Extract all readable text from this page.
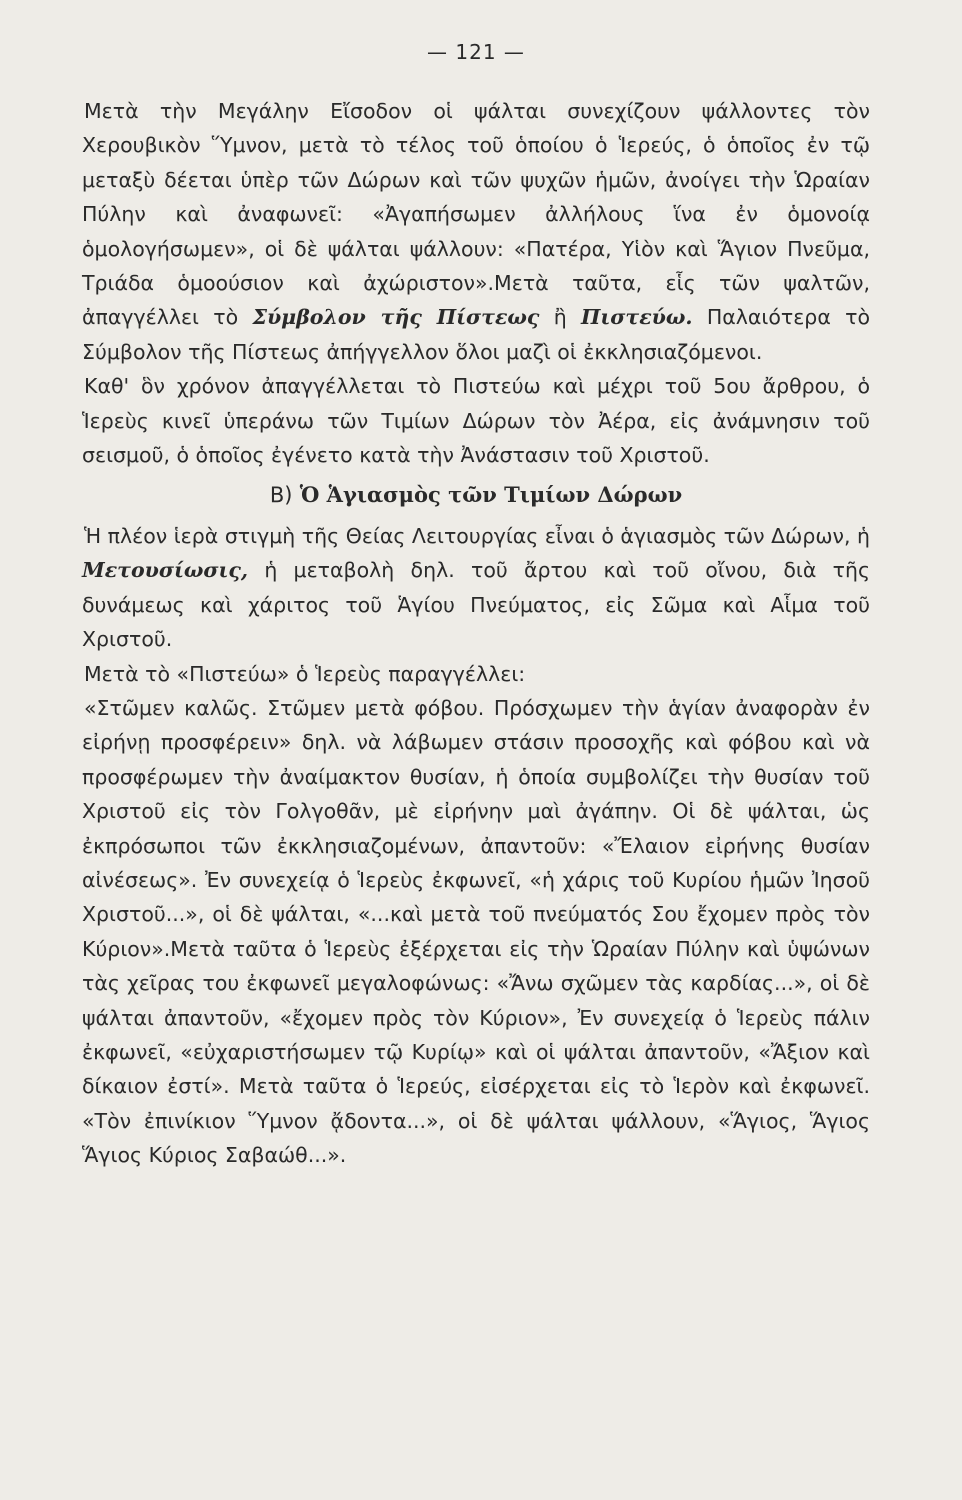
— 121 —

Μετὰ τὴν Μεγάλην Εἴσοδον οἱ ψάλται συνεχίζουν ψάλλοντες τὸν Χερουβικὸν Ὕμνον, μετὰ τὸ τέλος τοῦ ὁποίου ὁ Ἱερεύς, ὁ ὁποῖος ἐν τῷ μεταξὺ δέεται ὑπὲρ τῶν Δώρων καὶ τῶν ψυχῶν ἡμῶν, ἀνοίγει τὴν Ὡραίαν Πύλην καὶ ἀναφωνεῖ: «Ἀγαπήσωμεν ἀλλήλους ἵνα ἐν ὁμονοίᾳ ὁμολογήσωμεν», οἱ δὲ ψάλται ψάλλουν: «Πατέρα, Υἱὸν καὶ Ἅγιον Πνεῦμα, Τριάδα ὁμοούσιον καὶ ἀχώριστον».Μετὰ ταῦτα, εἷς τῶν ψαλτῶν, ἀπαγγέλλει τὸ Σύμβολον τῆς Πίστεως ἢ Πιστεύω. Παλαιότερα τὸ Σύμβολον τῆς Πίστεως ἀπήγγελλον ὅλοι μαζὶ οἱ ἐκκλησιαζόμενοι.

Καθ' ὃν χρόνον ἀπαγγέλλεται τὸ Πιστεύω καὶ μέχρι τοῦ 5ου ἄρθρου, ὁ Ἱερεὺς κινεῖ ὑπεράνω τῶν Τιμίων Δώρων τὸν Ἀέρα, εἰς ἀνάμνησιν τοῦ σεισμοῦ, ὁ ὁποῖος ἐγένετο κατὰ τὴν Ἀνάστασιν τοῦ Χριστοῦ.

Β) Ὁ Ἁγιασμὸς τῶν Τιμίων Δώρων

Ἡ πλέον ἱερὰ στιγμὴ τῆς Θείας Λειτουργίας εἶναι ὁ ἁγιασμὸς τῶν Δώρων, ἡ Μετουσίωσις, ἡ μεταβολὴ δηλ. τοῦ ἄρτου καὶ τοῦ οἴνου, διὰ τῆς δυνάμεως καὶ χάριτος τοῦ Ἁγίου Πνεύματος, εἰς Σῶμα καὶ Αἷμα τοῦ Χριστοῦ.

Μετὰ τὸ «Πιστεύω» ὁ Ἱερεὺς παραγγέλλει:

«Στῶμεν καλῶς. Στῶμεν μετὰ φόβου. Πρόσχωμεν τὴν ἁγίαν ἀναφορὰν ἐν εἰρήνῃ προσφέρειν» δηλ. νὰ λάβωμεν στάσιν προσοχῆς καὶ φόβου καὶ νὰ προσφέρωμεν τὴν ἀναίμακτον θυσίαν, ἡ ὁποία συμβολίζει τὴν θυσίαν τοῦ Χριστοῦ εἰς τὸν Γολγοθᾶν, μὲ εἰρήνην μαὶ ἀγάπην. Οἱ δὲ ψάλται, ὡς ἐκπρόσωποι τῶν ἐκκλησιαζομένων, ἀπαντοῦν: «Ἔλαιον εἰρήνης θυσίαν αἰνέσεως». Ἐν συνεχείᾳ ὁ Ἱερεὺς ἐκφωνεῖ, «ἡ χάρις τοῦ Κυρίου ἡμῶν Ἰησοῦ Χριστοῦ...», οἱ δὲ ψάλται, «...καὶ μετὰ τοῦ πνεύματός Σου ἔχομεν πρὸς τὸν Κύριον».Μετὰ ταῦτα ὁ Ἱερεὺς ἐξέρχεται εἰς τὴν Ὡραίαν Πύλην καὶ ὑψώνων τὰς χεῖρας του ἐκφωνεῖ μεγαλοφώνως: «Ἄνω σχῶμεν τὰς καρδίας...», οἱ δὲ ψάλται ἀπαντοῦν, «ἔχομεν πρὸς τὸν Κύριον», Ἐν συνεχείᾳ ὁ Ἱερεὺς πάλιν ἐκφωνεῖ, «εὐχαριστήσωμεν τῷ Κυρίῳ» καὶ οἱ ψάλται ἀπαντοῦν, «Ἄξιον καὶ δίκαιον ἐστί». Μετὰ ταῦτα ὁ Ἱερεύς, εἰσέρχεται εἰς τὸ Ἱερὸν καὶ ἐκφωνεῖ. «Τὸν ἐπινίκιον Ὕμνον ᾄδοντα...», οἱ δὲ ψάλται ψάλλουν, «Ἅγιος, Ἅγιος Ἅγιος Κύριος Σαβαώθ...».
